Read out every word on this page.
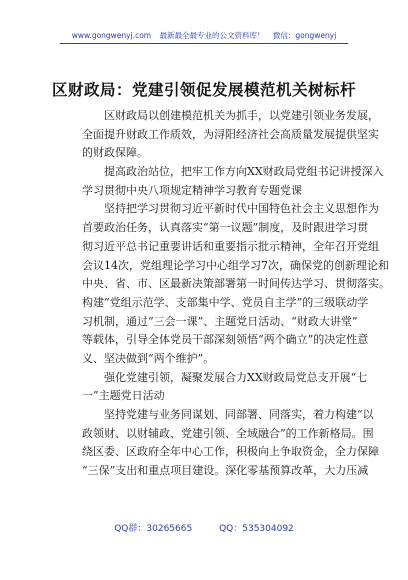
www.gongwenyj.com 最新最全最专业的公文资料库！ 微信：gongwenyj
区财政局：党建引领促发展模范机关树标杆
　　区财政局以创建模范机关为抓手，以党建引领业务发展，
全面提升财政工作质效，为浔阳经济社会高质量发展提供坚实
的财政保障。
　　提高政治站位，把牢工作方向XX财政局党组书记讲授深入
学习贯彻中央八项规定精神学习教育专题党课
　　坚持把学习贯彻习近平新时代中国特色社会主义思想作为
首要政治任务，认真落实“第一议题”制度，及时跟进学习贯
彻习近平总书记重要讲话和重要指示批示精神，全年召开党组
会议14次，党组理论学习中心组学习7次，确保党的创新理论和
中央、省、市、区最新决策部署第一时间传达学习、贯彻落实。
构建“党组示范学、支部集中学、党员自主学”的三级联动学
习机制，通过“三会一课”、主题党日活动、“财政大讲堂”
等载体，引导全体党员干部深刻领悟“两个确立”的决定性意
义、坚决做到“两个维护”。
　　强化党建引领，凝聚发展合力XX财政局党总支开展“七
一”主题党日活动
　　坚持党建与业务同谋划、同部署、同落实，着力构建“以
政领财、以财辅政、党建引领、全域融合”的工作新格局。围
绕区委、区政府全年中心工作，积极向上争取资金，全力保障
“三保”支出和重点项目建设。深化零基预算改革，大力压减
QQ群：30265665	QQ：535304092
